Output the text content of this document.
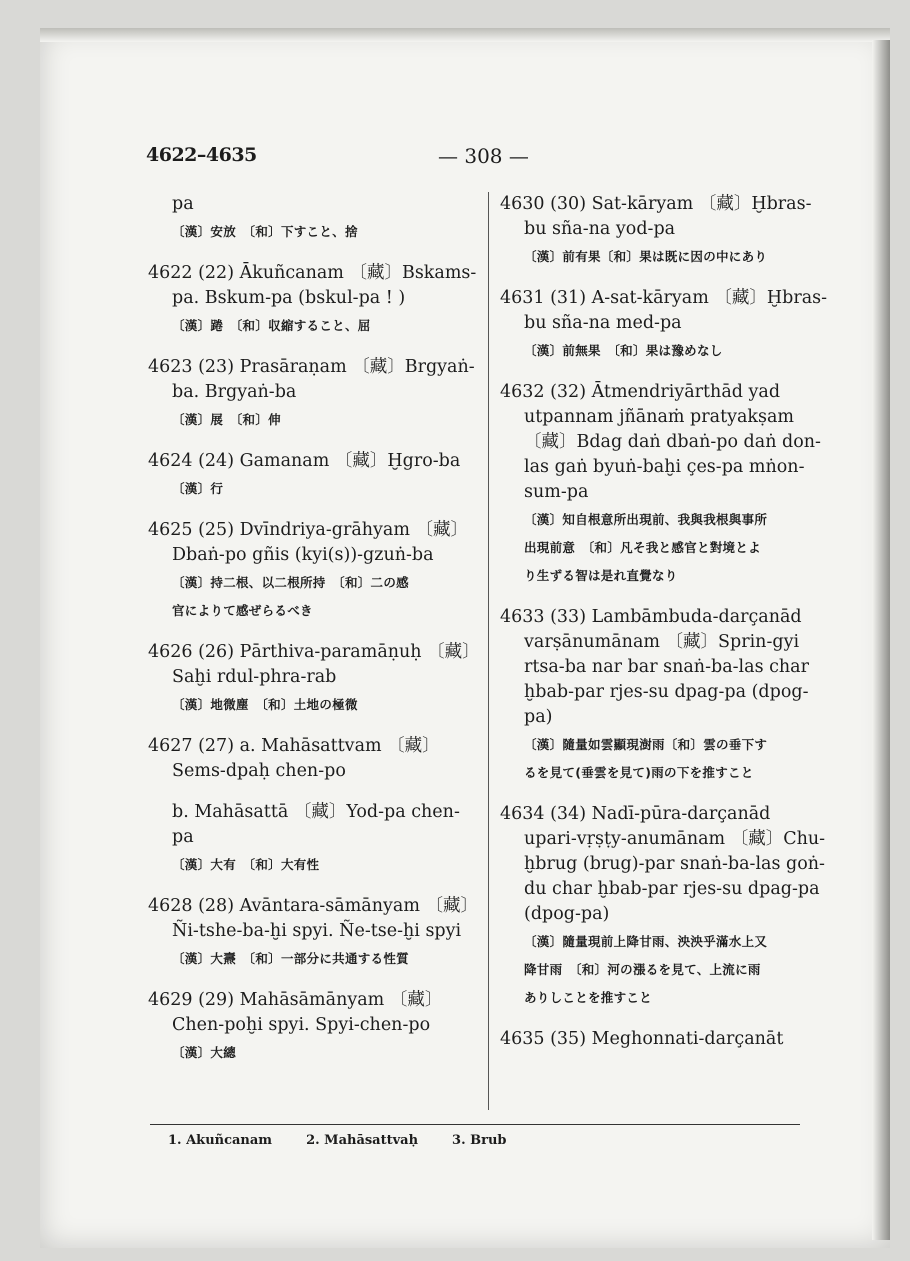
4622–4635	— 308 —

pa

〔漢〕安放　〔和〕下すこと、捨

4622 (22) Ākuñcanam 〔藏〕Bskams-

pa. Bskum-pa (bskul-pa ! )

〔漢〕踡　〔和〕収縮すること、屈

4623 (23) Prasāraṇam 〔藏〕Brgyaṅ-

ba. Brgyaṅ-ba

〔漢〕展　〔和〕伸

4624 (24) Gamanam 〔藏〕Ḫgro-ba

〔漢〕行

4625 (25) Dvīndriya-grāhyam 〔藏〕

Dbaṅ-po gñis (kyi(s))-gzuṅ-ba

〔漢〕持二根、以二根所持　〔和〕二の感

官によりて感ぜらるべき

4626 (26) Pārthiva-paramāṇuḥ 〔藏〕

Saḫi rdul-phra-rab

〔漢〕地微塵　〔和〕土地の極微

4627 (27) a. Mahāsattvam 〔藏〕

Sems-dpaḥ chen-po

b. Mahāsattā 〔藏〕Yod-pa chen-

pa

〔漢〕大有　〔和〕大有性

4628 (28) Avāntara-sāmānyam 〔藏〕

Ñi-tshe-ba-ḫi spyi. Ñe-tse-ḫi spyi

〔漢〕大燾　〔和〕一部分に共通する性質

4629 (29) Mahāsāmānyam 〔藏〕

Chen-poḫi spyi. Spyi-chen-po

〔漢〕大總

4630 (30) Sat-kāryam 〔藏〕Ḫbras-

bu sña-na yod-pa

〔漢〕前有果〔和〕果は既に因の中にあり

4631 (31) A-sat-kāryam 〔藏〕Ḫbras-

bu sña-na med-pa

〔漢〕前無果　〔和〕果は豫めなし

4632 (32) Ātmendriyārthād yad

utpannam jñānaṁ pratyakṣam

〔藏〕Bdag daṅ dbaṅ-po daṅ don-

las gaṅ byuṅ-baḫi çes-pa mṅon-

sum-pa

〔漢〕知自根意所出現前、我與我根與事所

出現前意　〔和〕凡そ我と感官と對境とよ

り生ずる智は是れ直覺なり

4633 (33) Lambāmbuda-darçanād

varṣānumānam 〔藏〕Sprin-gyi

rtsa-ba nar bar snaṅ-ba-las char

ḫbab-par rjes-su dpag-pa (dpog-

pa)

〔漢〕隨量如雲顯現澍雨〔和〕雲の垂下す

るを見て(垂雲を見て)雨の下を推すこと

4634 (34) Nadī-pūra-darçanād

upari-vṛṣṭy-anumānam 〔藏〕Chu-

ḫbrug (brug)-par snaṅ-ba-las goṅ-

du char ḫbab-par rjes-su dpag-pa

(dpog-pa)

〔漢〕隨量現前上降甘雨、泱泱乎滿水上又

降甘雨　〔和〕河の漲るを見て、上流に雨

ありしことを推すこと

4635 (35) Meghonnati-darçanāt

1. Akuñcanam	2. Mahāsattvaḥ	3. Brub
